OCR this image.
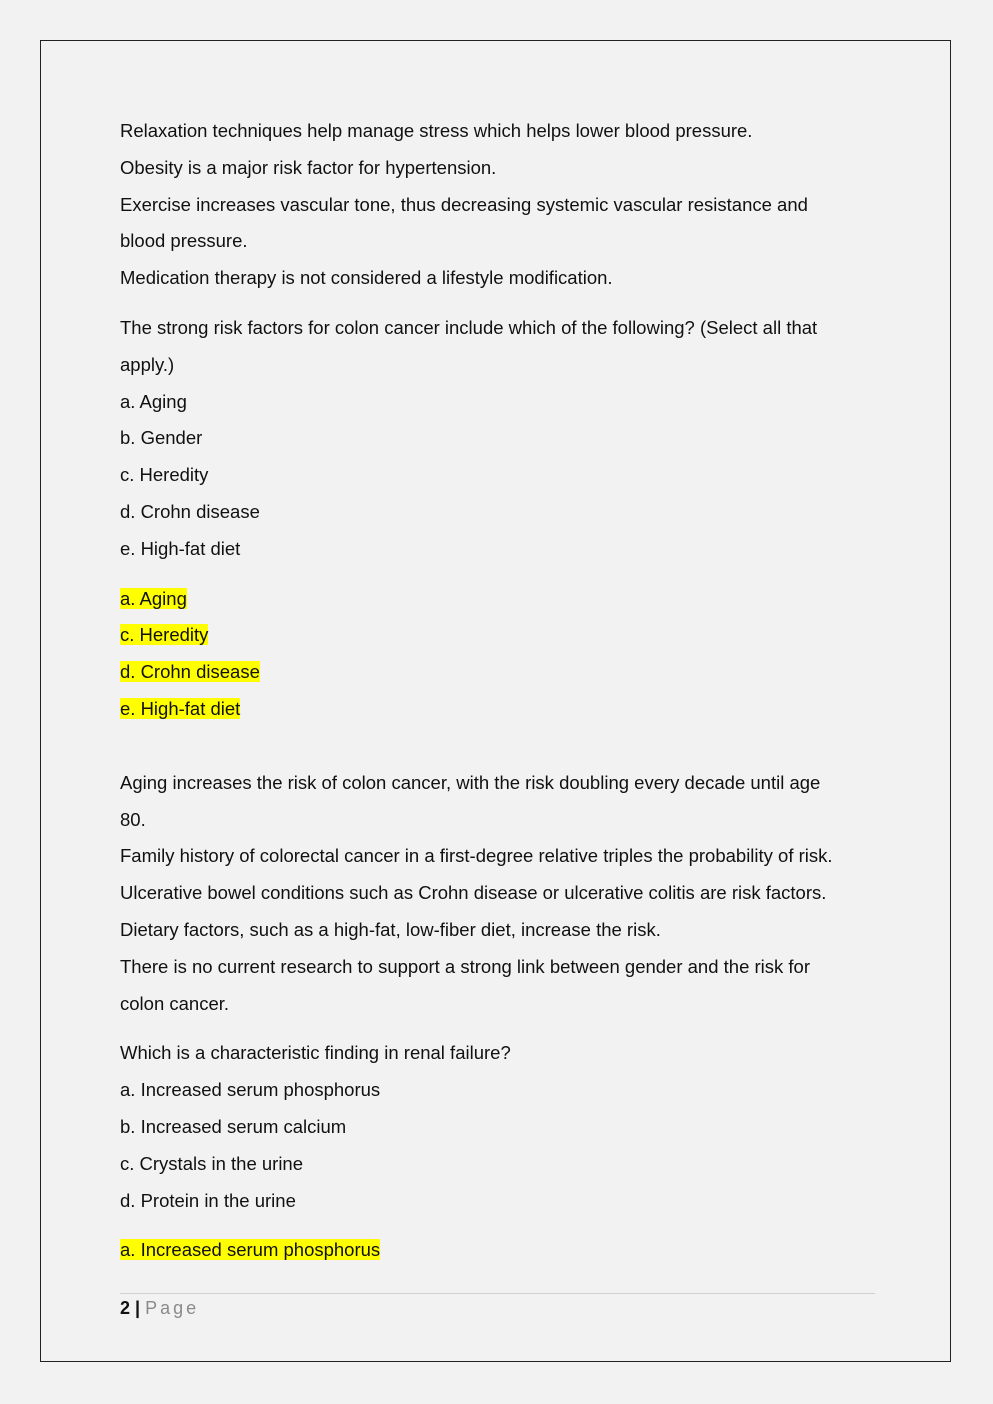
Relaxation techniques help manage stress which helps lower blood pressure.

Obesity is a major risk factor for hypertension.

Exercise increases vascular tone, thus decreasing systemic vascular resistance and

blood pressure.

Medication therapy is not considered a lifestyle modification.

The strong risk factors for colon cancer include which of the following? (Select all that

apply.)

a. Aging

b. Gender

c. Heredity

d. Crohn disease

e. High-fat diet

a. Aging

c. Heredity

d. Crohn disease

e. High-fat diet

Aging increases the risk of colon cancer, with the risk doubling every decade until age

80.

Family history of colorectal cancer in a first-degree relative triples the probability of risk.

Ulcerative bowel conditions such as Crohn disease or ulcerative colitis are risk factors.

Dietary factors, such as a high-fat, low-fiber diet, increase the risk.

There is no current research to support a strong link between gender and the risk for

colon cancer.

Which is a characteristic finding in renal failure?

a. Increased serum phosphorus

b. Increased serum calcium

c. Crystals in the urine

d. Protein in the urine

a. Increased serum phosphorus

2 | Page
